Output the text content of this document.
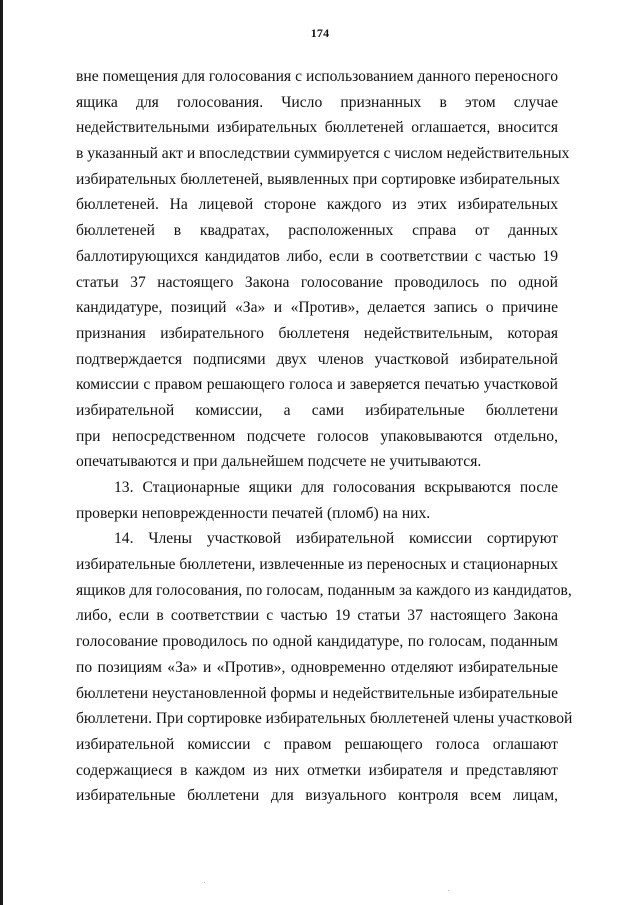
174

вне помещения для голосования с использованием данного переносного
ящика для голосования. Число признанных в этом случае
недействительными избирательных бюллетеней оглашается, вносится
в указанный акт и впоследствии суммируется с числом недействительных
избирательных бюллетеней, выявленных при сортировке избирательных
бюллетеней. На лицевой стороне каждого из этих избирательных
бюллетеней в квадратах, расположенных справа от данных
баллотирующихся кандидатов либо, если в соответствии с частью 19
статьи 37 настоящего Закона голосование проводилось по одной
кандидатуре, позиций «За» и «Против», делается запись о причине
признания избирательного бюллетеня недействительным, которая
подтверждается подписями двух членов участковой избирательной
комиссии с правом решающего голоса и заверяется печатью участковой
избирательной комиссии, а сами избирательные бюллетени
при непосредственном подсчете голосов упаковываются отдельно,
опечатываются и при дальнейшем подсчете не учитываются.

13. Стационарные ящики для голосования вскрываются после
проверки неповрежденности печатей (пломб) на них.

14. Члены участковой избирательной комиссии сортируют
избирательные бюллетени, извлеченные из переносных и стационарных
ящиков для голосования, по голосам, поданным за каждого из кандидатов,
либо, если в соответствии с частью 19 статьи 37 настоящего Закона
голосование проводилось по одной кандидатуре, по голосам, поданным
по позициям «За» и «Против», одновременно отделяют избирательные
бюллетени неустановленной формы и недействительные избирательные
бюллетени. При сортировке избирательных бюллетеней члены участковой
избирательной комиссии с правом решающего голоса оглашают
содержащиеся в каждом из них отметки избирателя и представляют
избирательные бюллетени для визуального контроля всем лицам,
